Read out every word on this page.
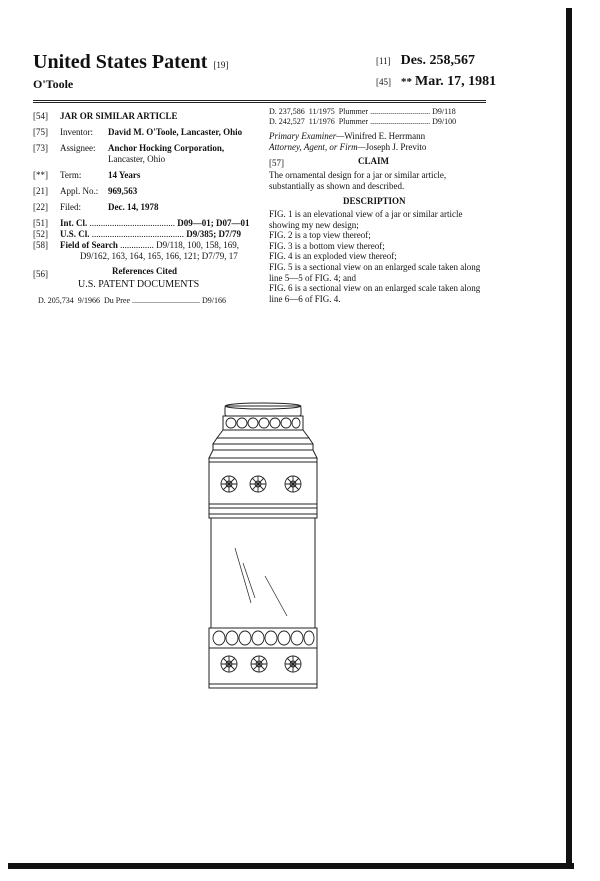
United States Patent [19]
O'Toole
[11] Des. 258,567
[45] ** Mar. 17, 1981
[54] JAR OR SIMILAR ARTICLE
[75] Inventor: David M. O'Toole, Lancaster, Ohio
[73] Assignee: Anchor Hocking Corporation,
Lancaster, Ohio
[**] Term:	14 Years
[21] Appl. No.: 969,563
[22] Filed:	Dec. 14, 1978
[51] Int. Cl. ...................................... D09—01; D07—01
[52] U.S. Cl. ......................................... D9/385; D7/79
[58] Field of Search ............... D9/118, 100, 158, 169,
D9/162, 163, 164, 165, 166, 121; D7/79, 17
[56]	References Cited
U.S. PATENT DOCUMENTS
D. 205,734 9/1966 Du Pree .................................. D9/166
D. 237,586 11/1975 Plummer .............................. D9/118
D. 242,527 11/1976 Plummer .............................. D9/100
Primary Examiner—Winifred E. Herrmann
Attorney, Agent, or Firm—Joseph J. Previto
[57]	CLAIM
The ornamental design for a jar or similar article, substantially as shown and described.
DESCRIPTION

FIG. 1 is an elevational view of a jar or similar article showing my new design;

FIG. 2 is a top view thereof;

FIG. 3 is a bottom view thereof;

FIG. 4 is an exploded view thereof;

FIG. 5 is a sectional view on an enlarged scale taken along line 5—5 of FIG. 4; and

FIG. 6 is a sectional view on an enlarged scale taken along line 6—6 of FIG. 4.
